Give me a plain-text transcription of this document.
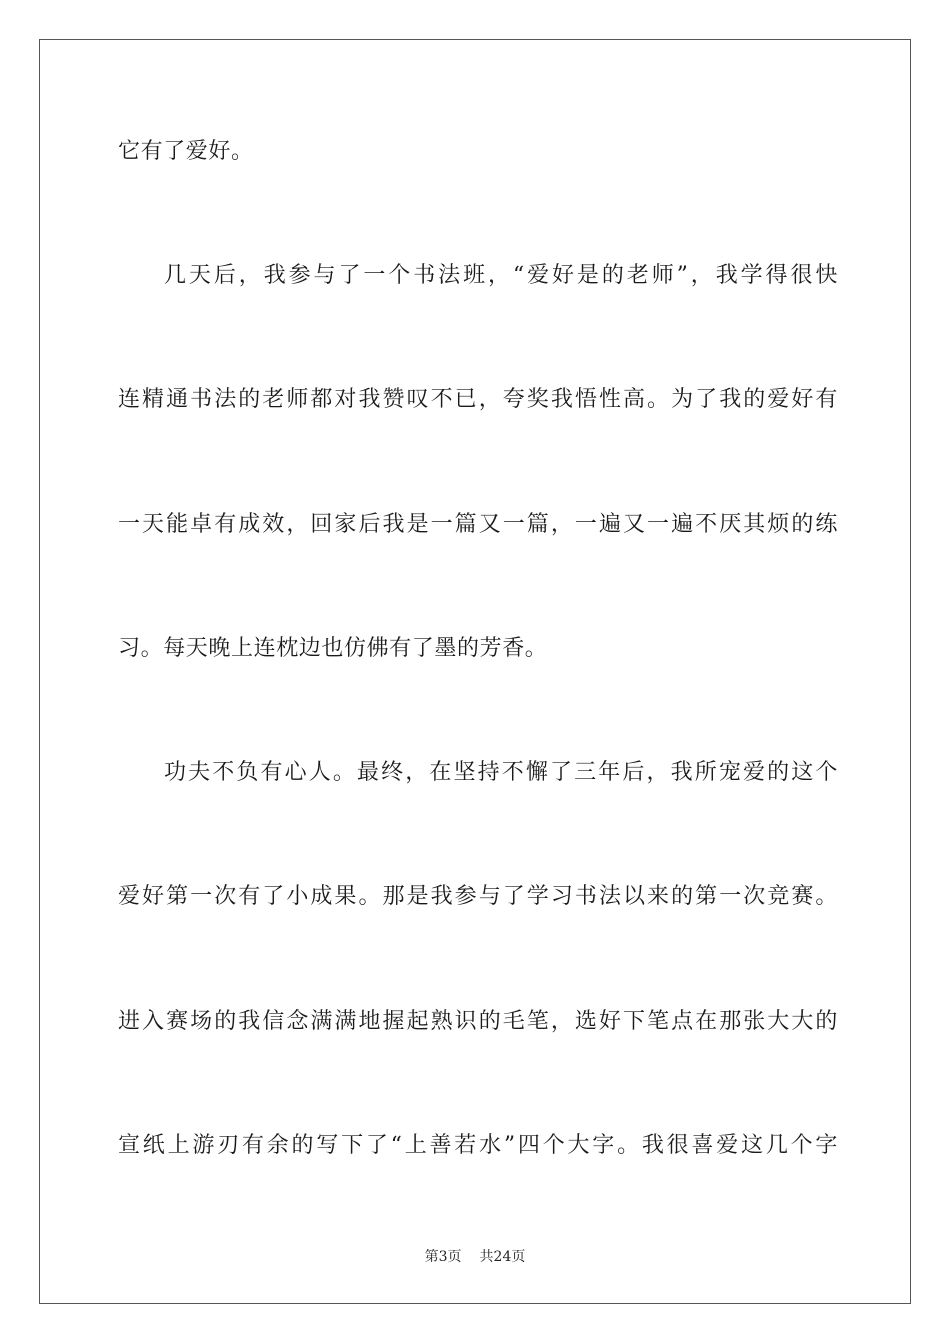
它有了爱好。
几天后，我参与了一个书法班，“爱好是的老师”，我学得很快
连精通书法的老师都对我赞叹不已，夸奖我悟性高。为了我的爱好有
一天能卓有成效，回家后我是一篇又一篇，一遍又一遍不厌其烦的练
习。每天晚上连枕边也仿佛有了墨的芳香。
功夫不负有心人。最终，在坚持不懈了三年后，我所宠爱的这个
爱好第一次有了小成果。那是我参与了学习书法以来的第一次竞赛。
进入赛场的我信念满满地握起熟识的毛笔，选好下笔点在那张大大的
宣纸上游刃有余的写下了“上善若水”四个大字。我很喜爱这几个字
第3页 共24页
